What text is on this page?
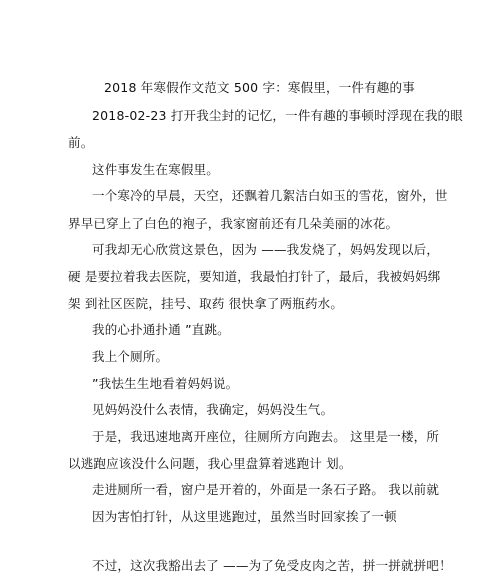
2018 年寒假作文范文 500 字：寒假里，一件有趣的事
2018-02-23 打开我尘封的记忆，一件有趣的事顿时浮现在我的眼
前。
这件事发生在寒假里。
一个寒冷的早晨，天空，还飘着几絮洁白如玉的雪花，窗外，世
界早已穿上了白色的袍子，我家窗前还有几朵美丽的冰花。
可我却无心欣赏这景色，因为 ——我发烧了，妈妈发现以后，
硬 是要拉着我去医院，要知道，我最怕打针了，最后，我被妈妈绑
架 到社区医院，挂号、取药 很快拿了两瓶药水。
我的心扑通扑通 ”直跳。
我上个厕所。
”我怯生生地看着妈妈说。
见妈妈没什么表情，我确定，妈妈没生气。
于是，我迅速地离开座位，往厕所方向跑去。 这里是一楼，所
以逃跑应该没什么问题，我心里盘算着逃跑计 划。
走进厕所一看，窗户是开着的，外面是一条石子路。 我以前就
因为害怕打针，从这里逃跑过，虽然当时回家挨了一顿
不过，这次我豁出去了 ——为了免受皮肉之苦，拼一拼就拼吧！
